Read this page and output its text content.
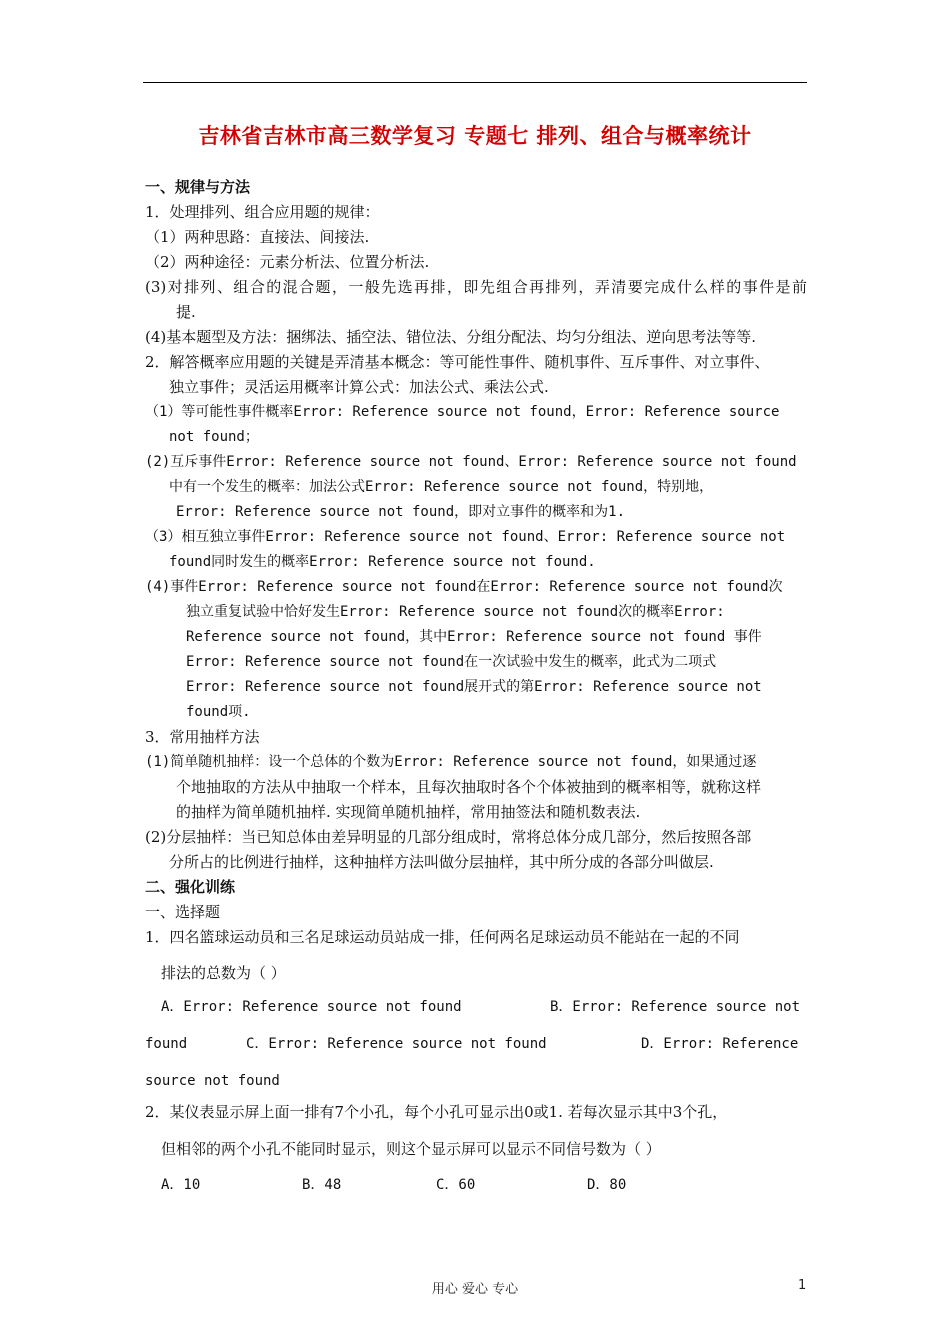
吉林省吉林市高三数学复习 专题七 排列、组合与概率统计
一、规律与方法
1．处理排列、组合应用题的规律：
（1）两种思路：直接法、间接法.
（2）两种途径：元素分析法、位置分析法.
(3)对排列、组合的混合题，一般先选再排，即先组合再排列，弄清要完成什么样的事件是前
提.
(4)基本题型及方法：捆绑法、插空法、错位法、分组分配法、均匀分组法、逆向思考法等等.
2．解答概率应用题的关键是弄清基本概念：等可能性事件、随机事件、互斥事件、对立事件、
独立事件；灵活运用概率计算公式：加法公式、乘法公式.
（1）等可能性事件概率Error: Reference source not found，Error: Reference source
not found；
(2)互斥事件Error: Reference source not found、Error: Reference source not found
中有一个发生的概率：加法公式Error: Reference source not found，特别地，
Error: Reference source not found，即对立事件的概率和为1.
（3）相互独立事件Error: Reference source not found、Error: Reference source not
found同时发生的概率Error: Reference source not found.
(4)事件Error: Reference source not found在Error: Reference source not found次
独立重复试验中恰好发生Error: Reference source not found次的概率Error:
Reference source not found，其中Error: Reference source not found 事件
Error: Reference source not found在一次试验中发生的概率，此式为二项式
Error: Reference source not found展开式的第Error: Reference source not
found项.
3．常用抽样方法
(1)简单随机抽样：设一个总体的个数为Error: Reference source not found，如果通过逐
个地抽取的方法从中抽取一个样本，且每次抽取时各个个体被抽到的概率相等，就称这样
的抽样为简单随机抽样. 实现简单随机抽样，常用抽签法和随机数表法.
(2)分层抽样：当已知总体由差异明显的几部分组成时，常将总体分成几部分，然后按照各部
分所占的比例进行抽样，这种抽样方法叫做分层抽样，其中所分成的各部分叫做层.
二、强化训练
一、选择题
1．四名篮球运动员和三名足球运动员站成一排，任何两名足球运动员不能站在一起的不同
排法的总数为（ ）
A．Error: Reference source not found	B．Error: Reference source not
found	C．Error: Reference source not found	D．Error: Reference
source not found
2．某仪表显示屏上面一排有7个小孔，每个小孔可显示出0或1. 若每次显示其中3个孔，
但相邻的两个小孔不能同时显示，则这个显示屏可以显示不同信号数为（ ）
A．10	B．48	C．60	D．80
用心 爱心 专心	1
